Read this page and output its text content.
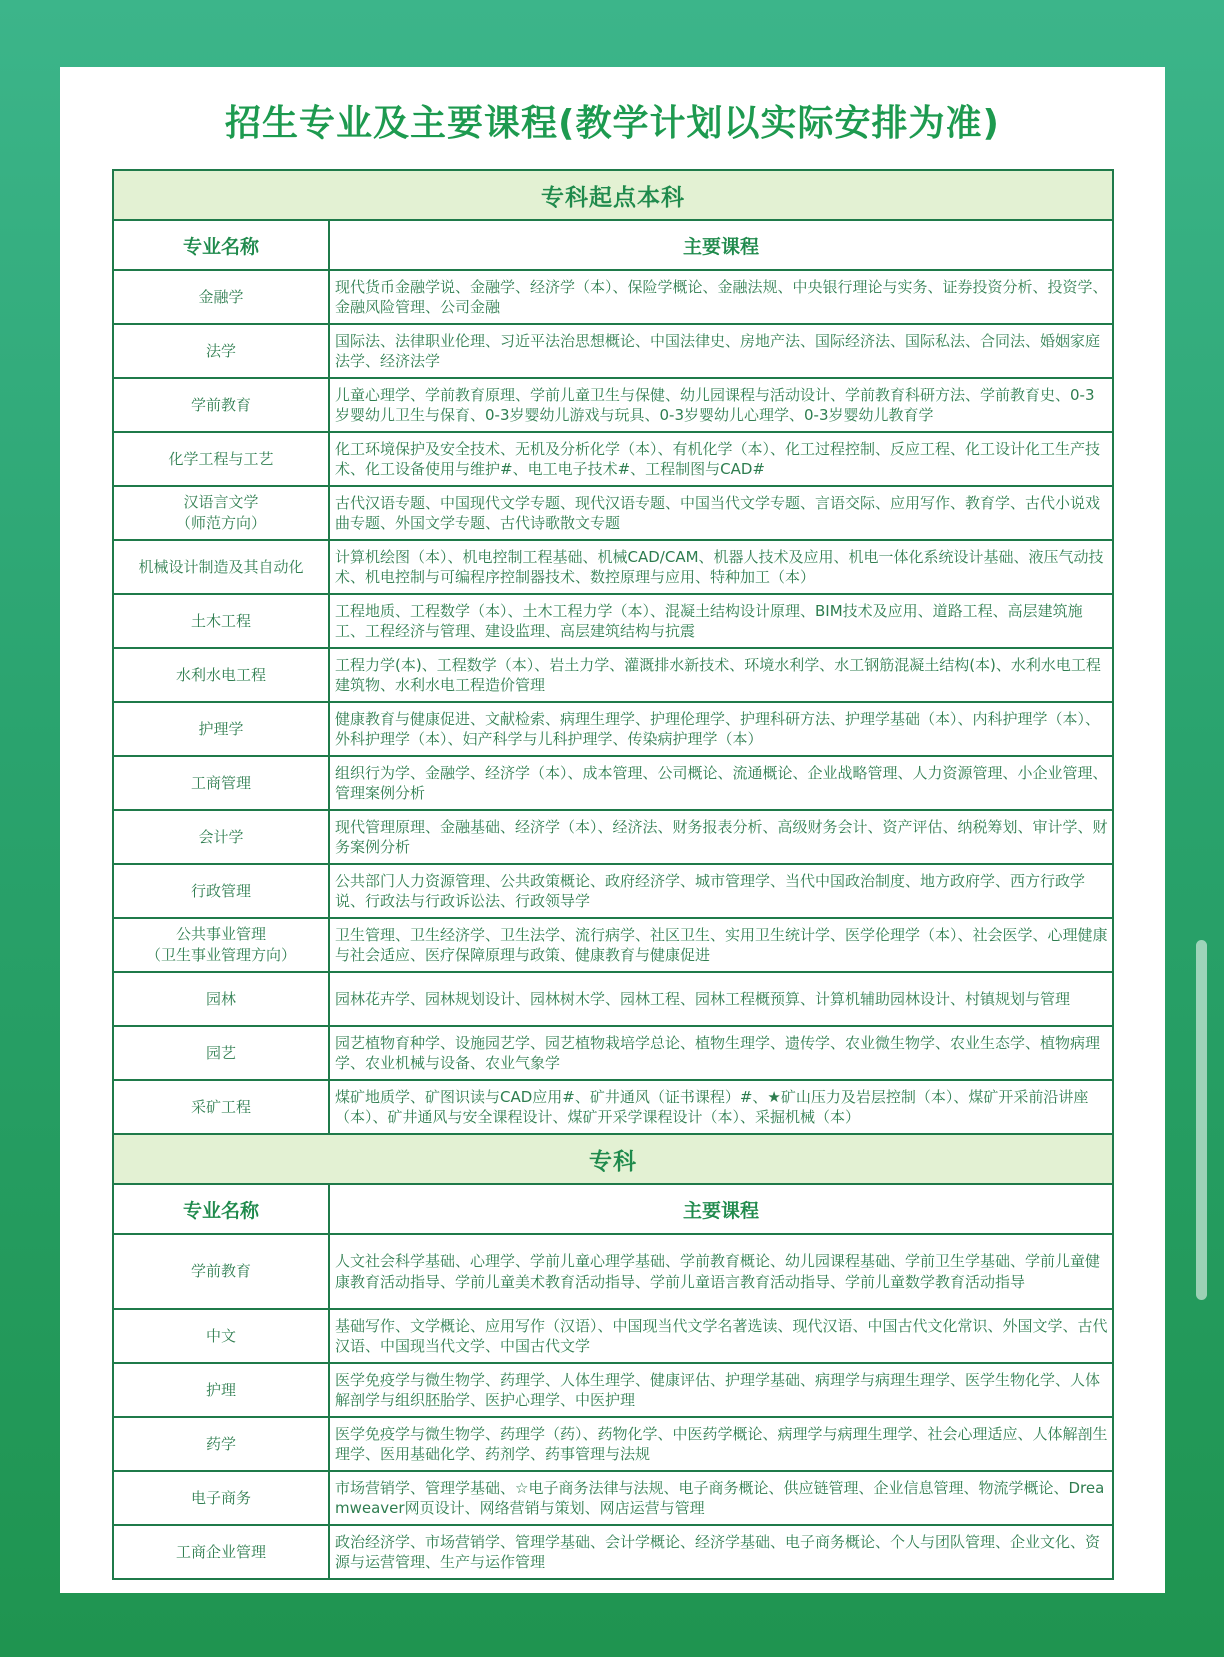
招生专业及主要课程(教学计划以实际安排为准)
专科起点本科	
专业名称	主要课程
金融学	现代货币金融学说、金融学、经济学（本）、保险学概论、金融法规、中央银行理论与实务、证券投资分析、投资学、金融风险管理、公司金融
法学	国际法、法律职业伦理、习近平法治思想概论、中国法律史、房地产法、国际经济法、国际私法、合同法、婚姻家庭法学、经济法学
学前教育	儿童心理学、学前教育原理、学前儿童卫生与保健、幼儿园课程与活动设计、学前教育科研方法、学前教育史、0-3岁婴幼儿卫生与保育、0-3岁婴幼儿游戏与玩具、0-3岁婴幼儿心理学、0-3岁婴幼儿教育学
化学工程与工艺	化工环境保护及安全技术、无机及分析化学（本）、有机化学（本）、化工过程控制、反应工程、化工设计化工生产技术、化工设备使用与维护#、电工电子技术#、工程制图与CAD#
汉语言文学
（师范方向）	古代汉语专题、中国现代文学专题、现代汉语专题、中国当代文学专题、言语交际、应用写作、教育学、古代小说戏曲专题、外国文学专题、古代诗歌散文专题
机械设计制造及其自动化	计算机绘图（本）、机电控制工程基础、机械CAD/CAM、机器人技术及应用、机电一体化系统设计基础、液压气动技术、机电控制与可编程序控制器技术、数控原理与应用、特种加工（本）
土木工程	工程地质、工程数学（本）、土木工程力学（本）、混凝土结构设计原理、BIM技术及应用、道路工程、高层建筑施工、工程经济与管理、建设监理、高层建筑结构与抗震
水利水电工程	工程力学(本)、工程数学（本）、岩土力学、灌溉排水新技术、环境水利学、水工钢筋混凝土结构(本)、水利水电工程建筑物、水利水电工程造价管理
护理学	健康教育与健康促进、文献检索、病理生理学、护理伦理学、护理科研方法、护理学基础（本）、内科护理学（本）、外科护理学（本）、妇产科学与儿科护理学、传染病护理学（本）
工商管理	组织行为学、金融学、经济学（本）、成本管理、公司概论、流通概论、企业战略管理、人力资源管理、小企业管理、管理案例分析
会计学	现代管理原理、金融基础、经济学（本）、经济法、财务报表分析、高级财务会计、资产评估、纳税筹划、审计学、财务案例分析
行政管理	公共部门人力资源管理、公共政策概论、政府经济学、城市管理学、当代中国政治制度、地方政府学、西方行政学说、行政法与行政诉讼法、行政领导学
公共事业管理
（卫生事业管理方向）	卫生管理、卫生经济学、卫生法学、流行病学、社区卫生、实用卫生统计学、医学伦理学（本）、社会医学、心理健康与社会适应、医疗保障原理与政策、健康教育与健康促进
园林	园林花卉学、园林规划设计、园林树木学、园林工程、园林工程概预算、计算机辅助园林设计、村镇规划与管理
园艺	园艺植物育种学、设施园艺学、园艺植物栽培学总论、植物生理学、遗传学、农业微生物学、农业生态学、植物病理学、农业机械与设备、农业气象学
采矿工程	煤矿地质学、矿图识读与CAD应用#、矿井通风（证书课程）#、★矿山压力及岩层控制（本）、煤矿开采前沿讲座（本）、矿井通风与安全课程设计、煤矿开采学课程设计（本）、采掘机械（本）
专科	
专业名称	主要课程
学前教育	人文社会科学基础、心理学、学前儿童心理学基础、学前教育概论、幼儿园课程基础、学前卫生学基础、学前儿童健康教育活动指导、学前儿童美术教育活动指导、学前儿童语言教育活动指导、学前儿童数学教育活动指导
中文	基础写作、文学概论、应用写作（汉语）、中国现当代文学名著选读、现代汉语、中国古代文化常识、外国文学、古代汉语、中国现当代文学、中国古代文学
护理	医学免疫学与微生物学、药理学、人体生理学、健康评估、护理学基础、病理学与病理生理学、医学生物化学、人体解剖学与组织胚胎学、医护心理学、中医护理
药学	医学免疫学与微生物学、药理学（药）、药物化学、中医药学概论、病理学与病理生理学、社会心理适应、人体解剖生理学、医用基础化学、药剂学、药事管理与法规
电子商务	市场营销学、管理学基础、☆电子商务法律与法规、电子商务概论、供应链管理、企业信息管理、物流学概论、Dreamweaver网页设计、网络营销与策划、网店运营与管理
工商企业管理	政治经济学、市场营销学、管理学基础、会计学概论、经济学基础、电子商务概论、个人与团队管理、企业文化、资源与运营管理、生产与运作管理
